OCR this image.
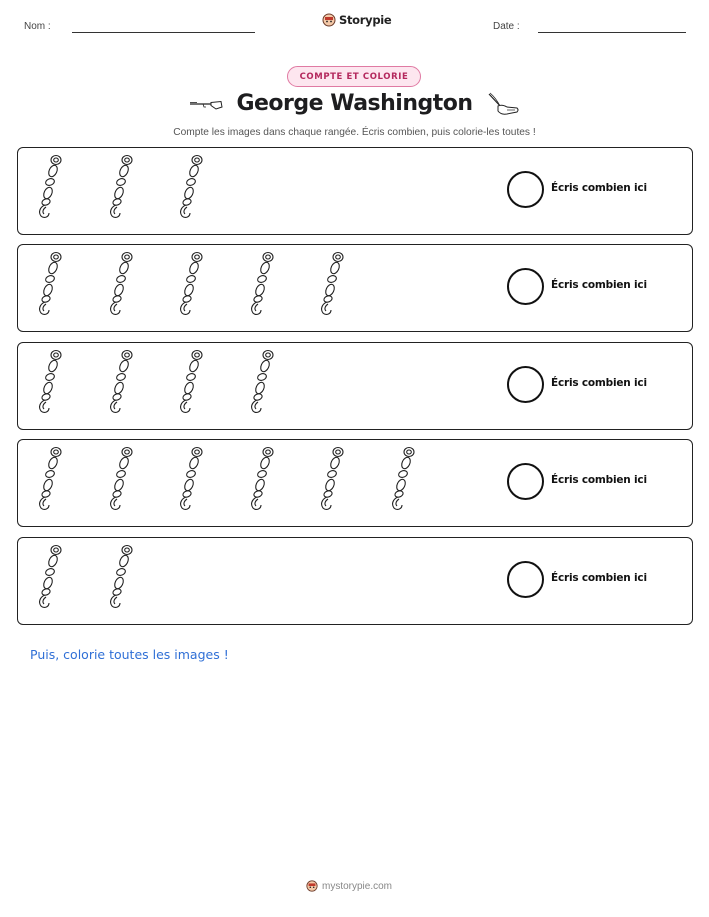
Nom :	Storypie	Date :
COMPTE ET COLORIE
George Washington
Compte les images dans chaque rangée. Écris combien, puis colorie-les toutes !
Écris combien ici
Écris combien ici
Écris combien ici
Écris combien ici
Écris combien ici
Puis, colorie toutes les images !
mystorypie.com
